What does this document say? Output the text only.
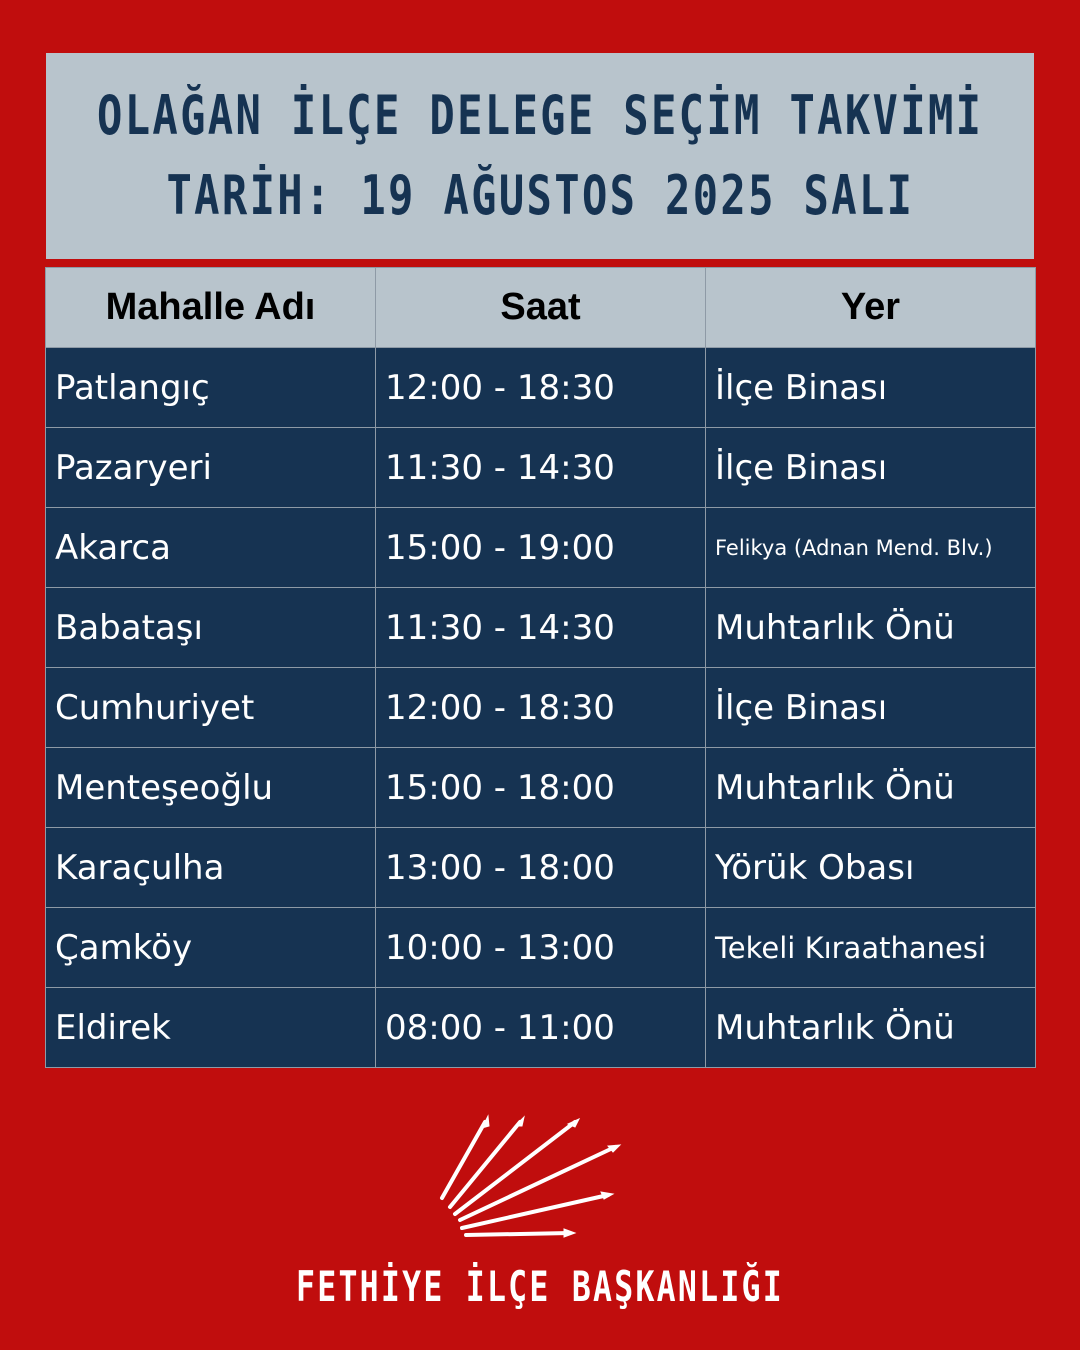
OLAĞAN İLÇE DELEGE SEÇİM TAKVİMİ
TARİH: 19 AĞUSTOS 2025 SALI
Mahalle Adı	Saat	Yer
Patlangıç	12:00 - 18:30	İlçe Binası
Pazaryeri	11:30 - 14:30	İlçe Binası
Akarca	15:00 - 19:00	Felikya (Adnan Mend. Blv.)
Babataşı	11:30 - 14:30	Muhtarlık Önü
Cumhuriyet	12:00 - 18:30	İlçe Binası
Menteşeoğlu	15:00 - 18:00	Muhtarlık Önü
Karaçulha	13:00 - 18:00	Yörük Obası
Çamköy	10:00 - 13:00	Tekeli Kıraathanesi
Eldirek	08:00 - 11:00	Muhtarlık Önü
FETHİYE İLÇE BAŞKANLIĞI
